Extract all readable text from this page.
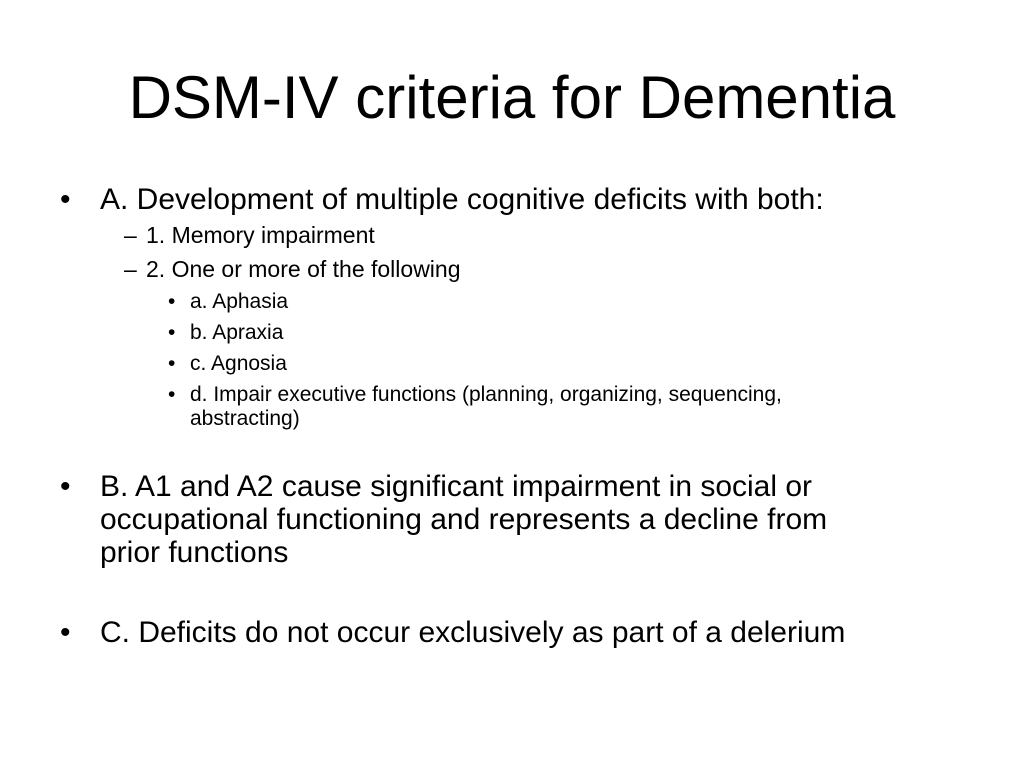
DSM-IV criteria for Dementia
• A. Development of multiple cognitive deficits with both:
– 1. Memory impairment
– 2. One or more of the following
• a. Aphasia
• b. Apraxia
• c. Agnosia
• d. Impair executive functions (planning, organizing, sequencing,
abstracting)
• B. A1 and A2 cause significant impairment in social or
occupational functioning and represents a decline from
prior functions
• C. Deficits do not occur exclusively as part of a delerium
